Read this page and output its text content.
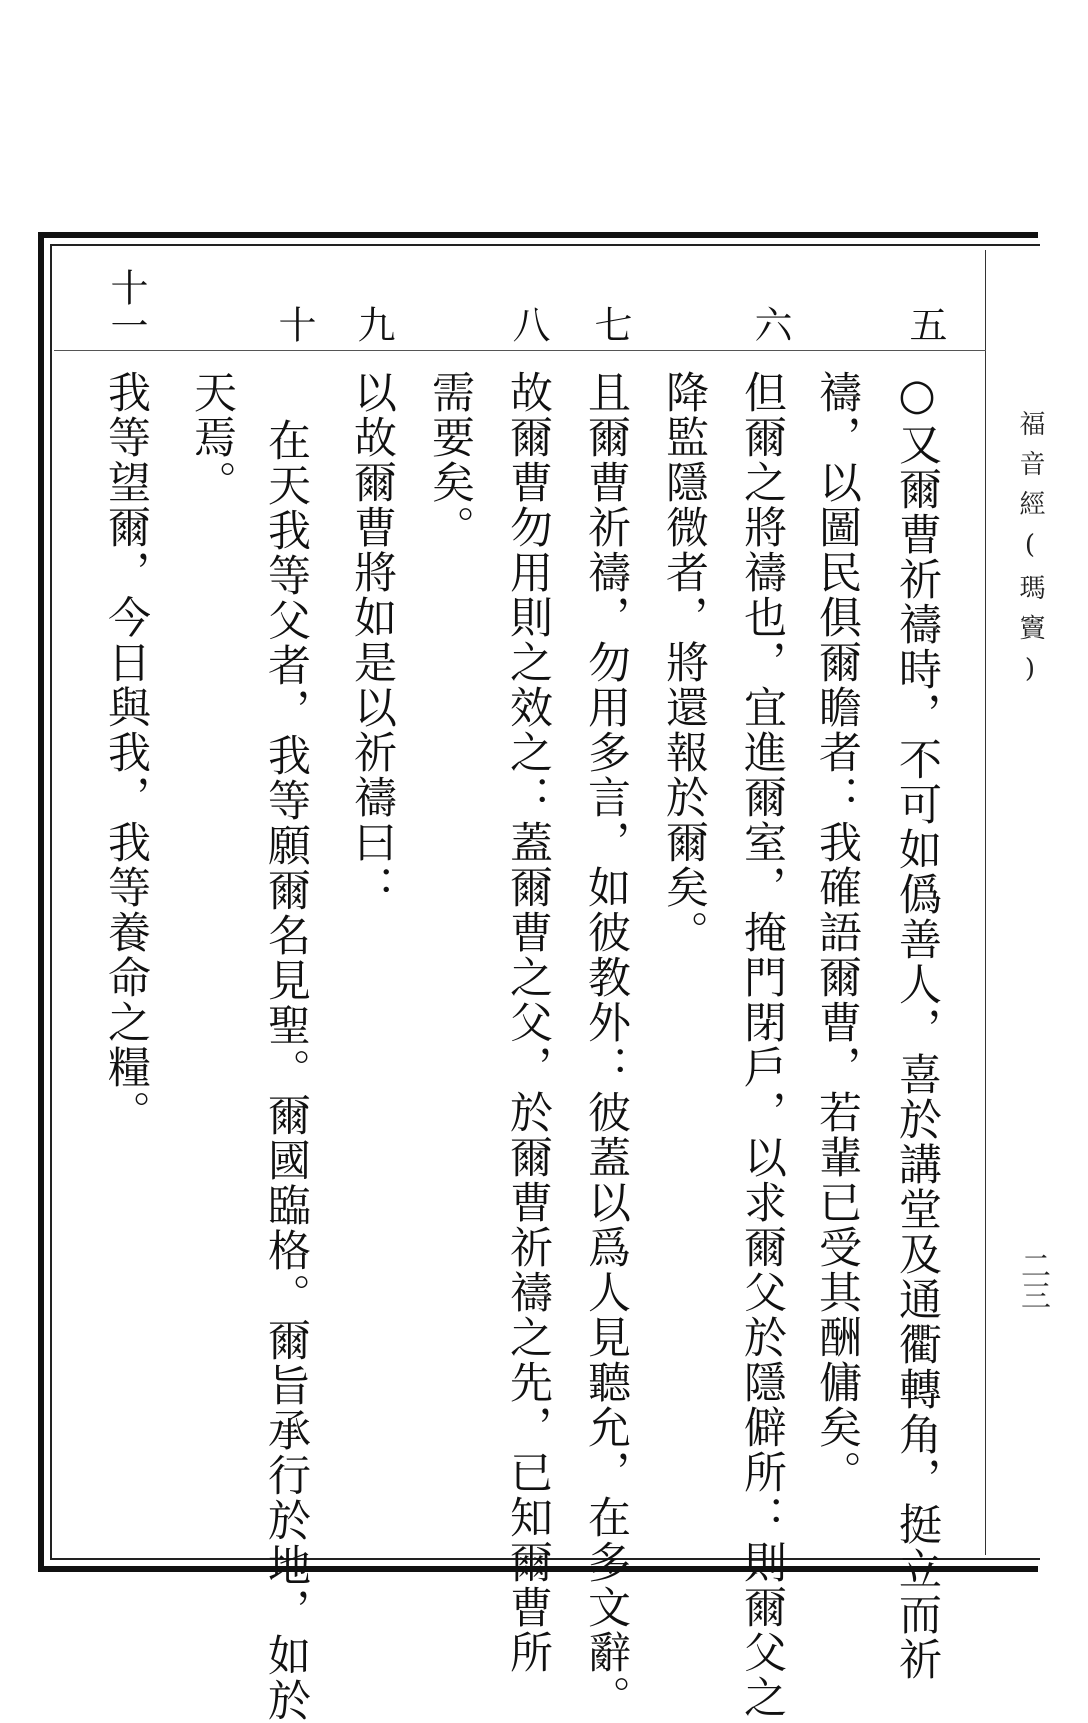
福音經(瑪竇)
二三
五
六
七
八
九
十
十一
○又爾曹祈禱時，不可如僞善人，喜於講堂及通衢轉角，挺立而祈
禱，以圖民俱爾瞻者：我確語爾曹，若輩已受其酬傭矣。
但爾之將禱也，宜進爾室，掩門閉戶，以求爾父於隱僻所：則爾父之
降監隱微者，將還報於爾矣。
且爾曹祈禱，勿用多言，如彼教外：彼蓋以爲人見聽允，在多文辭。
故爾曹勿用則之效之：蓋爾曹之父，於爾曹祈禱之先，已知爾曹所
需要矣。
以故爾曹將如是以祈禱曰：
在天我等父者，我等願爾名見聖。爾國臨格。爾旨承行於地，如於
天焉。
我等望爾，今日與我，我等養命之糧。
